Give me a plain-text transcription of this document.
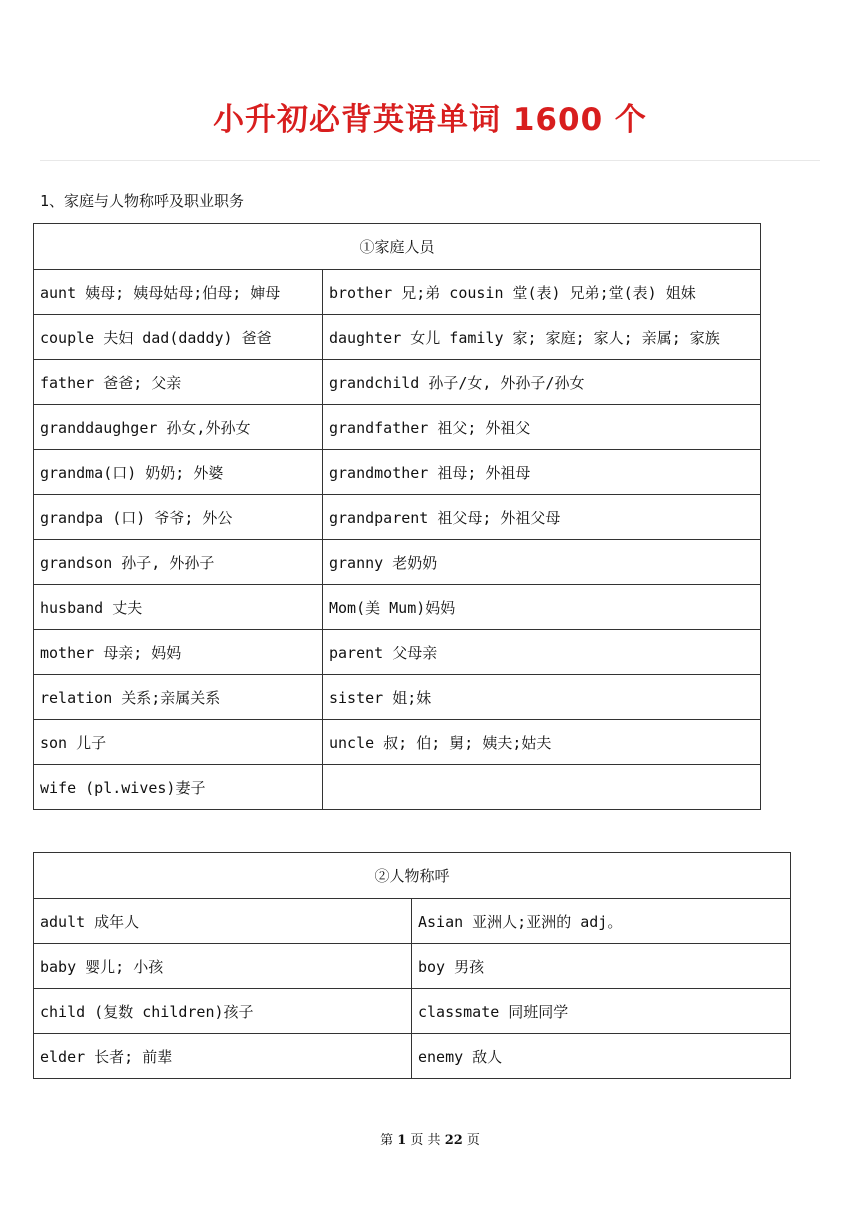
小升初必背英语单词 1600 个
1、家庭与人物称呼及职业职务
①家庭人员	
aunt 姨母; 姨母姑母;伯母; 婶母	brother 兄;弟 cousin 堂(表) 兄弟;堂(表) 姐妹
couple 夫妇 dad(daddy) 爸爸	daughter 女儿 family 家; 家庭; 家人; 亲属; 家族
father 爸爸; 父亲	grandchild 孙子/女, 外孙子/孙女
granddaughger 孙女,外孙女	grandfather 祖父; 外祖父
grandma(口) 奶奶; 外婆	grandmother 祖母; 外祖母
grandpa (口) 爷爷; 外公	grandparent 祖父母; 外祖父母
grandson 孙子, 外孙子	granny 老奶奶
husband 丈夫	Mom(美 Mum)妈妈
mother 母亲; 妈妈	parent 父母亲
relation 关系;亲属关系	sister 姐;妹
son 儿子	uncle 叔; 伯; 舅; 姨夫;姑夫
wife (pl.wives)妻子	
②人物称呼	
adult 成年人	Asian 亚洲人;亚洲的 adj。
baby 婴儿; 小孩	boy 男孩
child (复数 children)孩子	classmate 同班同学
elder 长者; 前辈	enemy 敌人
第 1 页 共 22 页
